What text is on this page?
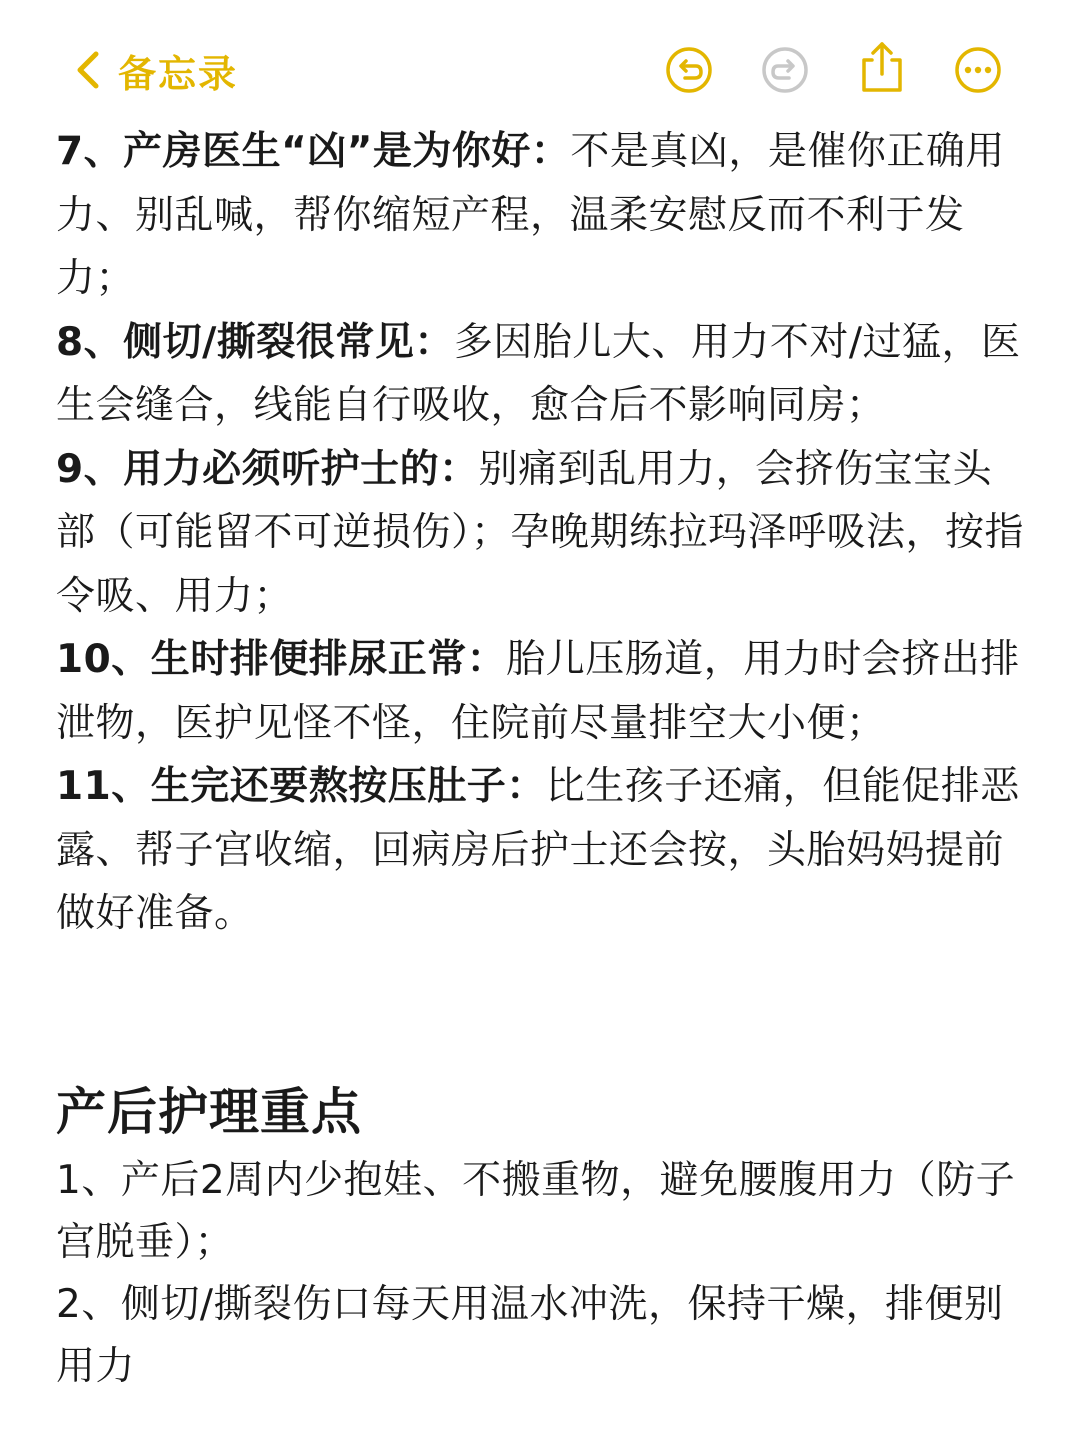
备忘录

7、产房医生“凶”是为你好：不是真凶，是催你正确用力、别乱喊，帮你缩短产程，温柔安慰反而不利于发力；

8、侧切/撕裂很常见：多因胎儿大、用力不对/过猛，医生会缝合，线能自行吸收，愈合后不影响同房；

9、用力必须听护士的：别痛到乱用力，会挤伤宝宝头部（可能留不可逆损伤）；孕晚期练拉玛泽呼吸法，按指令吸、用力；

10、生时排便排尿正常：胎儿压肠道，用力时会挤出排泄物，医护见怪不怪，住院前尽量排空大小便；

11、生完还要熬按压肚子：比生孩子还痛，但能促排恶露、帮子宫收缩，回病房后护士还会按，头胎妈妈提前做好准备。

产后护理重点

1、产后2周内少抱娃、不搬重物，避免腰腹用力（防子宫脱垂）；

2、侧切/撕裂伤口每天用温水冲洗，保持干燥，排便别用力
